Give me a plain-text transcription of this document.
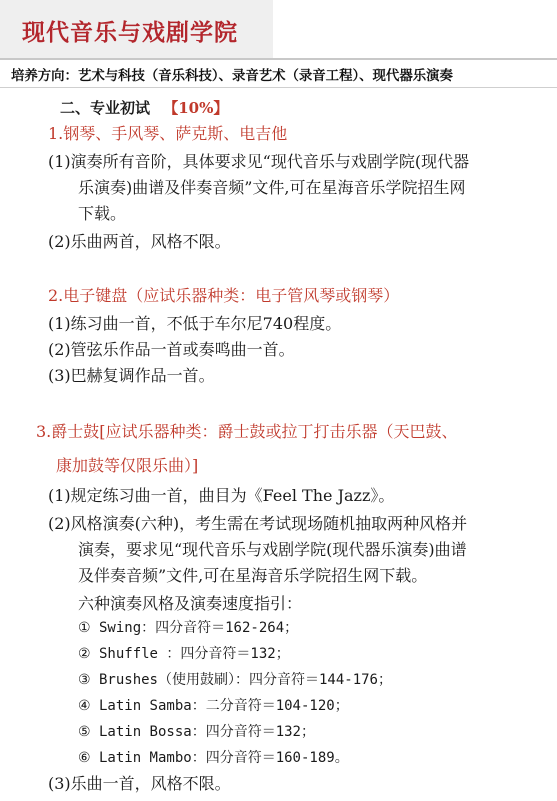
现代音乐与戏剧学院
培养方向：艺术与科技（音乐科技）、录音艺术（录音工程）、现代器乐演奏
二、专业初试 【10%】
1.钢琴、手风琴、萨克斯、电吉他
(1)演奏所有音阶，具体要求见“现代音乐与戏剧学院(现代器
乐演奏)曲谱及伴奏音频”文件,可在星海音乐学院招生网
下载。
(2)乐曲两首，风格不限。
2.电子键盘（应试乐器种类：电子管风琴或钢琴）
(1)练习曲一首，不低于车尔尼740程度。
(2)管弦乐作品一首或奏鸣曲一首。
(3)巴赫复调作品一首。
3.爵士鼓[应试乐器种类：爵士鼓或拉丁打击乐器（天巴鼓、
康加鼓等仅限乐曲）]
(1)规定练习曲一首，曲目为《Feel The Jazz》。
(2)风格演奏(六种)，考生需在考试现场随机抽取两种风格并
演奏，要求见“现代音乐与戏剧学院(现代器乐演奏)曲谱
及伴奏音频”文件,可在星海音乐学院招生网下载。
六种演奏风格及演奏速度指引：
① Swing：四分音符＝162-264；
② Shuffle ：四分音符＝132；
③ Brushes（使用鼓刷）：四分音符＝144-176；
④ Latin Samba：二分音符＝104-120；
⑤ Latin Bossa：四分音符＝132；
⑥ Latin Mambo：四分音符＝160-189。
(3)乐曲一首，风格不限。
